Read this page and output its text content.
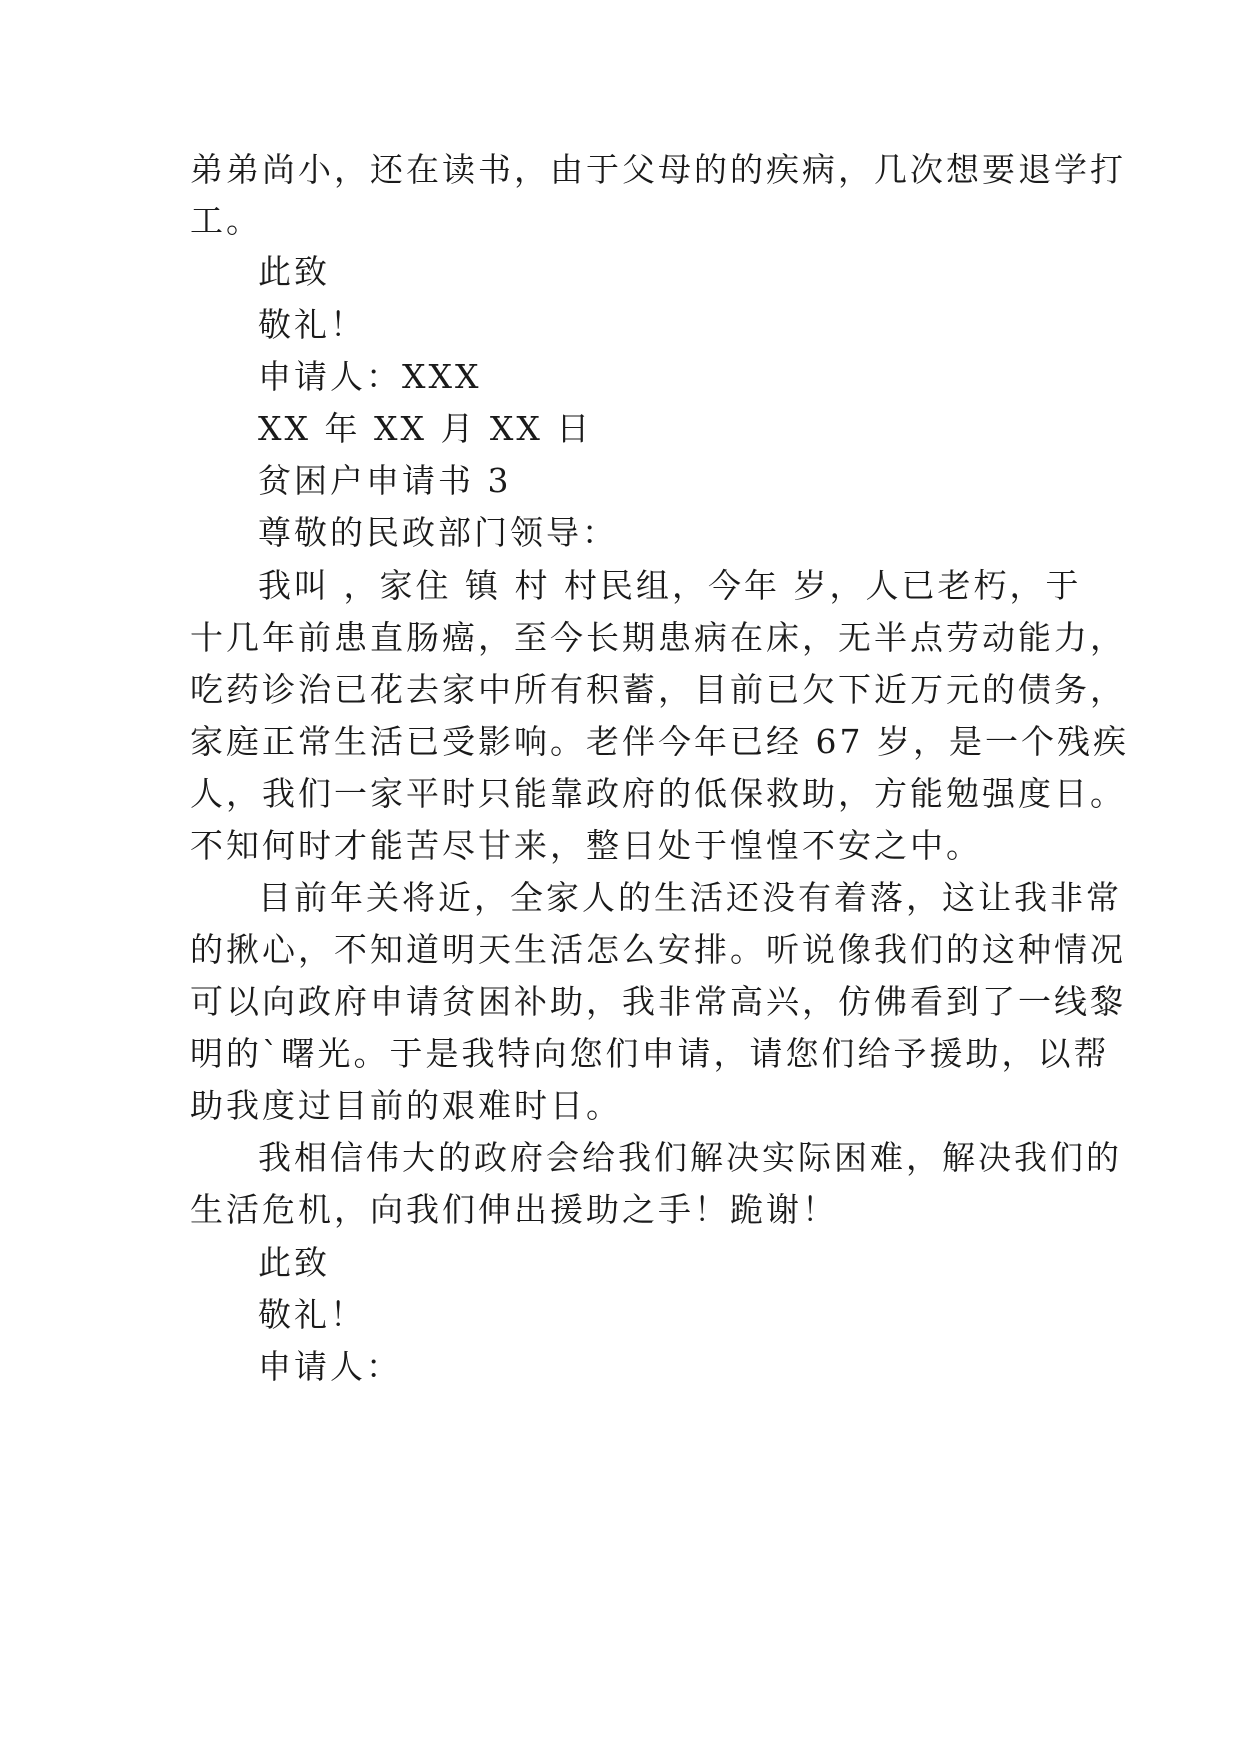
弟弟尚小，还在读书，由于父母的的疾病，几次想要退学打
工。
此致
敬礼！
申请人：XXX
XX 年 XX 月 XX 日
贫困户申请书 3
尊敬的民政部门领导：
我叫 ，家住 镇 村 村民组，今年 岁，人已老朽，于
十几年前患直肠癌，至今长期患病在床，无半点劳动能力，
吃药诊治已花去家中所有积蓄，目前已欠下近万元的债务，
家庭正常生活已受影响。老伴今年已经 67 岁，是一个残疾
人，我们一家平时只能靠政府的低保救助，方能勉强度日。
不知何时才能苦尽甘来，整日处于惶惶不安之中。
目前年关将近，全家人的生活还没有着落，这让我非常
的揪心，不知道明天生活怎么安排。听说像我们的这种情况
可以向政府申请贫困补助，我非常高兴，仿佛看到了一线黎
明的`曙光。于是我特向您们申请，请您们给予援助，以帮
助我度过目前的艰难时日。
我相信伟大的政府会给我们解决实际困难，解决我们的
生活危机，向我们伸出援助之手！跪谢！
此致
敬礼！
申请人：
